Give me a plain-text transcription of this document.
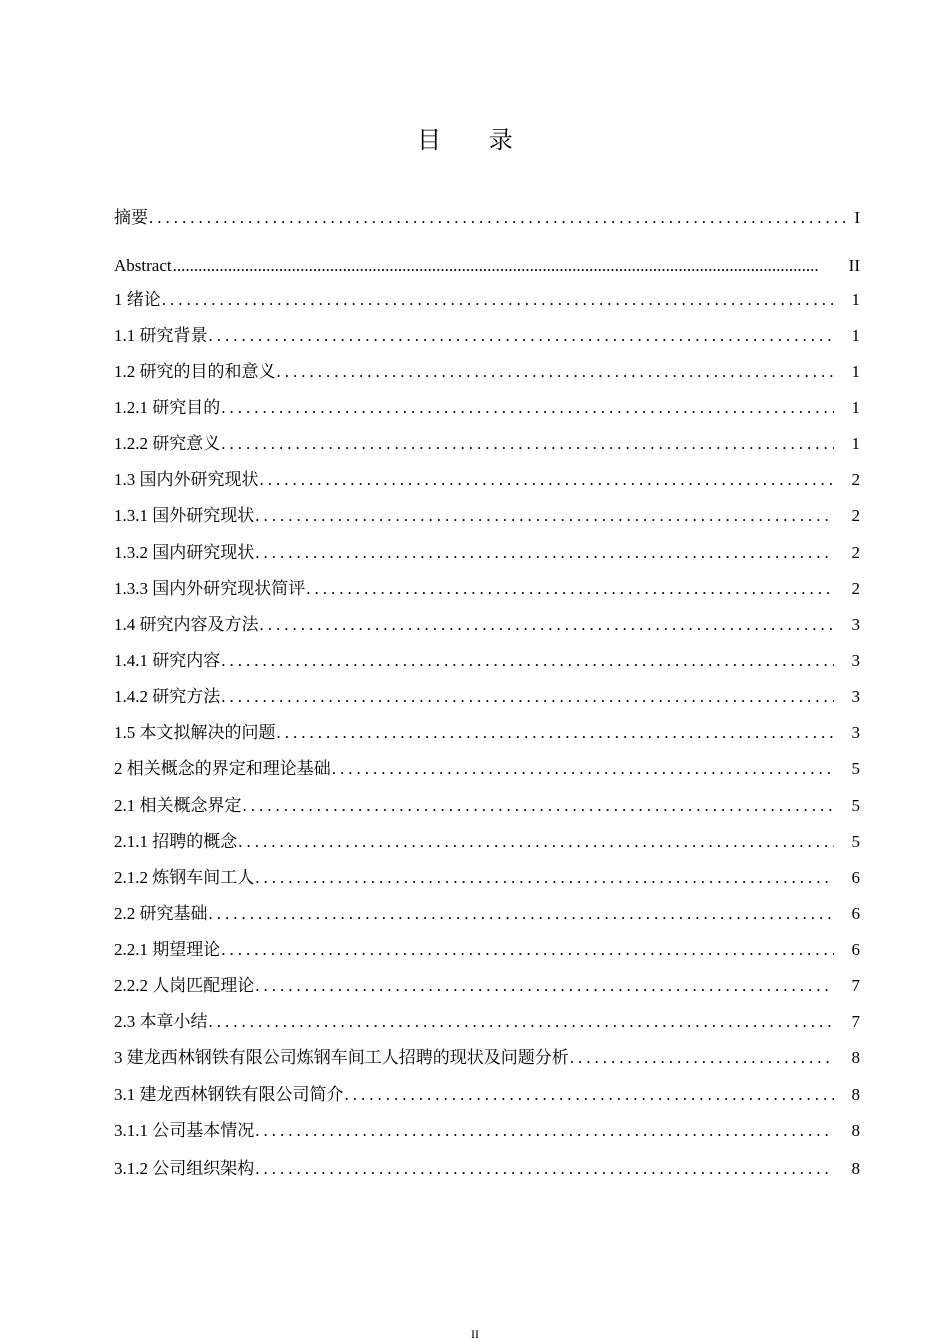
目 录
摘要 .....	I
Abstract .....	II
1 绪论 .....	1
1.1 研究背景 .....	1
1.2 研究的目的和意义 .....	1
1.2.1 研究目的 .....	1
1.2.2 研究意义 .....	1
1.3 国内外研究现状 .....	2
1.3.1 国外研究现状 .....	2
1.3.2 国内研究现状 .....	2
1.3.3 国内外研究现状简评 .....	2
1.4 研究内容及方法 .....	3
1.4.1 研究内容 .....	3
1.4.2 研究方法 .....	3
1.5 本文拟解决的问题 .....	3
2 相关概念的界定和理论基础 .....	5
2.1 相关概念界定 .....	5
2.1.1 招聘的概念 .....	5
2.1.2 炼钢车间工人 .....	6
2.2 研究基础 .....	6
2.2.1 期望理论 .....	6
2.2.2 人岗匹配理论 .....	7
2.3 本章小结 .....	7
3 建龙西林钢铁有限公司炼钢车间工人招聘的现状及问题分析 .....	8
3.1 建龙西林钢铁有限公司简介 .....	8
3.1.1 公司基本情况 .....	8
3.1.2 公司组织架构 .....	8
II
